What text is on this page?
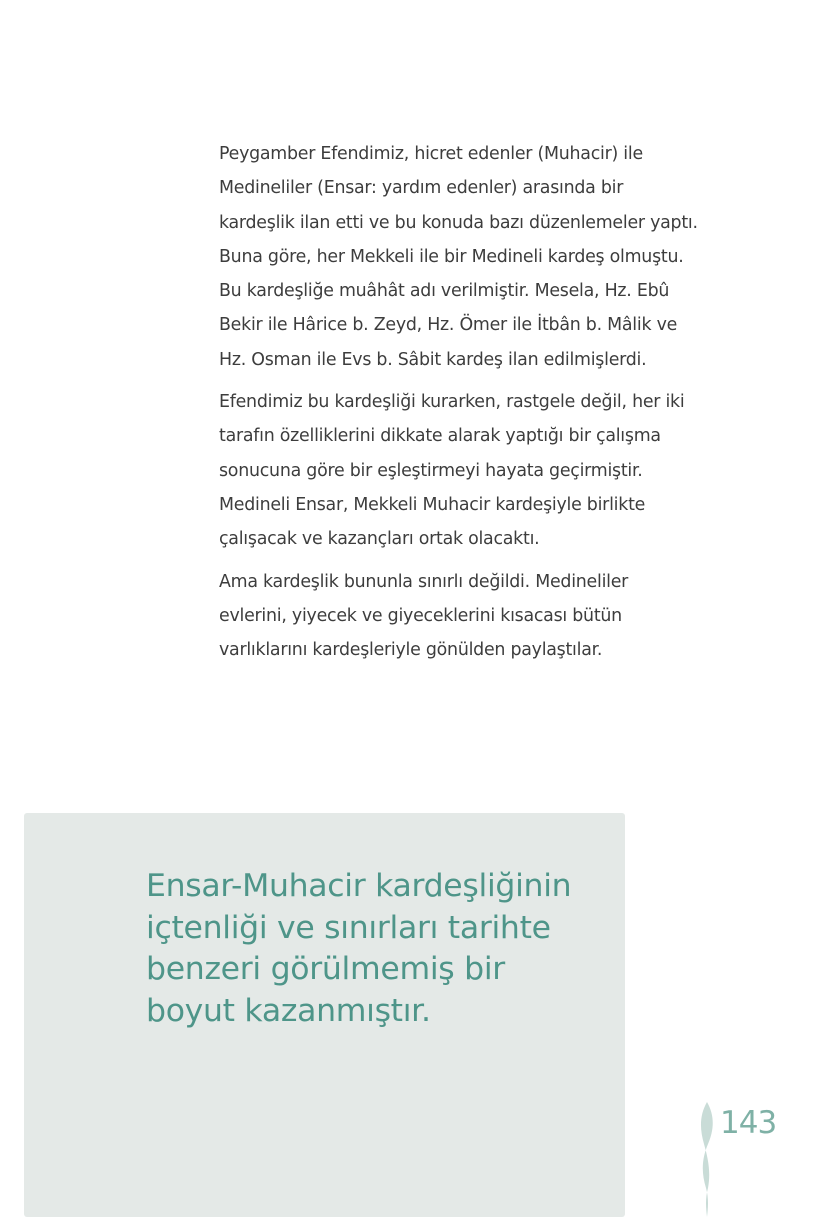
Peygamber Efendimiz, hicret edenler (Muhacir) ile Medineliler (Ensar: yardım edenler) arasında bir kardeşlik ilan etti ve bu konuda bazı düzenlemeler yaptı. Buna göre, her Mekkeli ile bir Medineli kardeş olmuştu. Bu kardeşliğe muâhât adı verilmiştir. Mesela, Hz. Ebû Bekir ile Hârice b. Zeyd, Hz. Ömer ile İtbân b. Mâlik ve Hz. Osman ile Evs b. Sâbit kardeş ilan edilmişlerdi.

Efendimiz bu kardeşliği kurarken, rastgele değil, her iki tarafın özelliklerini dikkate alarak yaptığı bir çalışma sonucuna göre bir eşleştirmeyi hayata geçirmiştir. Medineli Ensar, Mekkeli Muhacir kardeşiyle birlikte çalışacak ve kazançları ortak olacaktı.

Ama kardeşlik bununla sınırlı değildi. Medineliler evlerini, yiyecek ve giyeceklerini kısacası bütün varlıklarını kardeşleriyle gönülden paylaştılar.

Ensar-Muhacir kardeşliğinin içtenliği ve sınırları tarihte benzeri görülmemiş bir boyut kazanmıştır.
143
